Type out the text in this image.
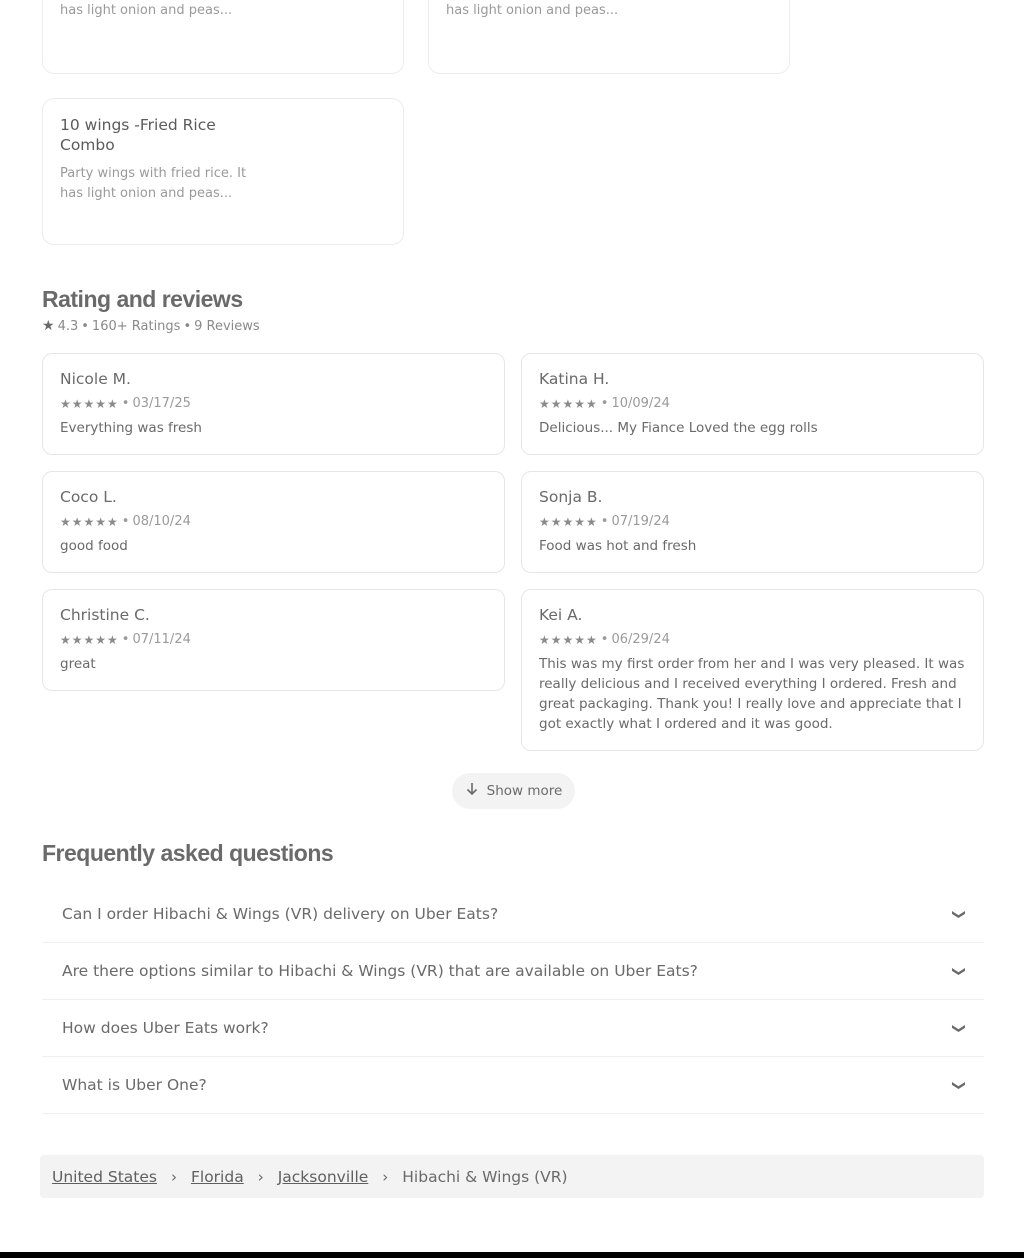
has light onion and peas...	has light onion and peas...
10 wings -Fried Rice Combo
Party wings with fried rice. It has light onion and peas...
Rating and reviews
★ 4.3 • 160+ Ratings • 9 Reviews
Nicole M.
★★★★★ • 03/17/25
Everything was fresh
Katina H.
★★★★★ • 10/09/24
Delicious... My Fiance Loved the egg rolls
Coco L.
★★★★★ • 08/10/24
good food
Sonja B.
★★★★★ • 07/19/24
Food was hot and fresh
Christine C.
★★★★★ • 07/11/24
great
Kei A.
★★★★★ • 06/29/24
This was my first order from her and I was very pleased. It was really delicious and I received everything I ordered. Fresh and great packaging. Thank you! I really love and appreciate that I got exactly what I ordered and it was good.
Show more
Frequently asked questions
Can I order Hibachi & Wings (VR) delivery on Uber Eats?	❯
Are there options similar to Hibachi & Wings (VR) that are available on Uber Eats?	❯
How does Uber Eats work?	❯
What is Uber One?	❯
United States › Florida › Jacksonville › Hibachi & Wings (VR)
